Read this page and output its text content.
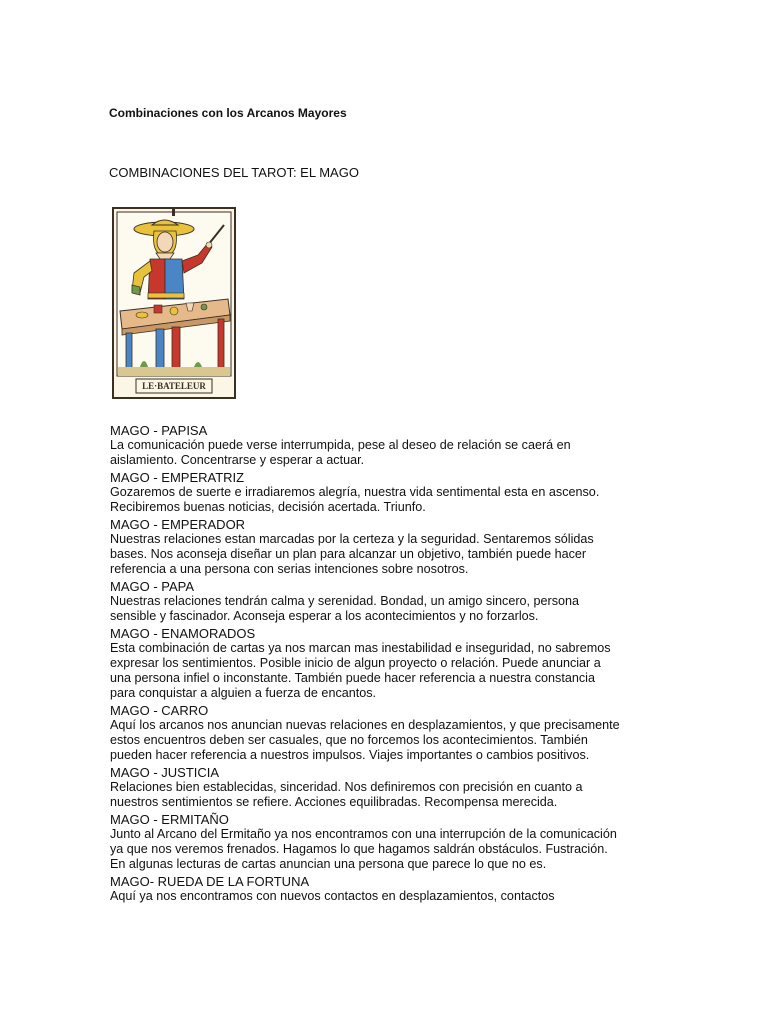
Combinaciones con los Arcanos Mayores
COMBINACIONES DEL TAROT: EL MAGO
LE·BATELEUR
MAGO - PAPISA
La comunicación puede verse interrumpida, pese al deseo de relación se caerá en
aislamiento. Concentrarse y esperar a actuar.
MAGO - EMPERATRIZ
Gozaremos de suerte e irradiaremos alegría, nuestra vida sentimental esta en ascenso.
Recibiremos buenas noticias, decisión acertada. Triunfo.
MAGO - EMPERADOR
Nuestras relaciones estan marcadas por la certeza y la seguridad. Sentaremos sólidas
bases. Nos aconseja diseñar un plan para alcanzar un objetivo, también puede hacer
referencia a una persona con serias intenciones sobre nosotros.
MAGO - PAPA
Nuestras relaciones tendrán calma y serenidad. Bondad, un amigo sincero, persona
sensible y fascinador. Aconseja esperar a los acontecimientos y no forzarlos.
MAGO - ENAMORADOS
Esta combinación de cartas ya nos marcan mas inestabilidad e inseguridad, no sabremos
expresar los sentimientos. Posible inicio de algun proyecto o relación. Puede anunciar a
una persona infiel o inconstante. También puede hacer referencia a nuestra constancia
para conquistar a alguien a fuerza de encantos.
MAGO - CARRO
Aquí los arcanos nos anuncian nuevas relaciones en desplazamientos, y que precisamente
estos encuentros deben ser casuales, que no forcemos los acontecimientos. También
pueden hacer referencia a nuestros impulsos. Viajes importantes o cambios positivos.
MAGO - JUSTICIA
Relaciones bien establecidas, sinceridad. Nos definiremos con precisión en cuanto a
nuestros sentimientos se refiere. Acciones equilibradas. Recompensa merecida.
MAGO - ERMITAÑO
Junto al Arcano del Ermitaño ya nos encontramos con una interrupción de la comunicación
ya que nos veremos frenados. Hagamos lo que hagamos saldrán obstáculos. Fustración.
En algunas lecturas de cartas anuncian una persona que parece lo que no es.
MAGO- RUEDA DE LA FORTUNA
Aquí ya nos encontramos con nuevos contactos en desplazamientos, contactos
